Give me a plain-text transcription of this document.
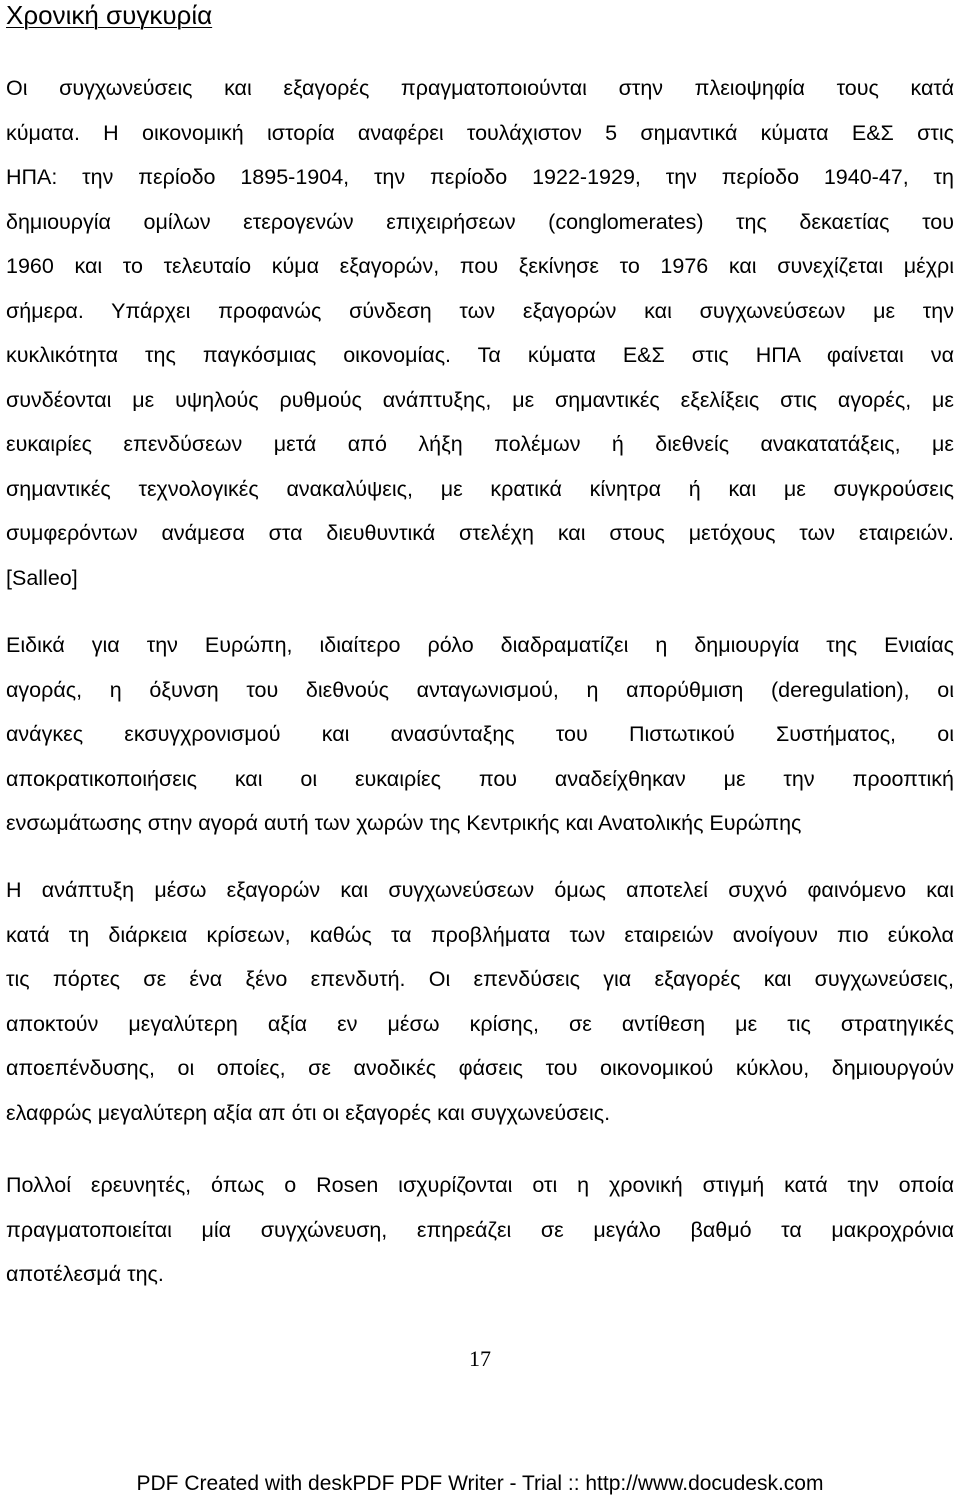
Χρονική συγκυρία
Οι συγχωνεύσεις και εξαγορές πραγματοποιούνται στην πλειοψηφία τους κατά
κύματα. Η οικονομική ιστορία αναφέρει τουλάχιστον 5 σημαντικά κύματα Ε&Σ στις
ΗΠΑ: την περίοδο 1895-1904, την περίοδο 1922-1929, την περίοδο 1940-47, τη
δημιουργία ομίλων ετερογενών επιχειρήσεων (conglomerates) της δεκαετίας του
1960 και το τελευταίο κύμα εξαγορών, που ξεκίνησε το 1976 και συνεχίζεται μέχρι
σήμερα. Υπάρχει προφανώς σύνδεση των εξαγορών και συγχωνεύσεων με την
κυκλικότητα της παγκόσμιας οικονομίας. Τα κύματα Ε&Σ στις ΗΠΑ φαίνεται να
συνδέονται με υψηλούς ρυθμούς ανάπτυξης, με σημαντικές εξελίξεις στις αγορές, με
ευκαιρίες επενδύσεων μετά από λήξη πολέμων ή διεθνείς ανακατατάξεις, με
σημαντικές τεχνολογικές ανακαλύψεις, με κρατικά κίνητρα ή και με συγκρούσεις
συμφερόντων ανάμεσα στα διευθυντικά στελέχη και στους μετόχους των εταιρειών.
[Salleo]
Ειδικά για την Ευρώπη, ιδιαίτερο ρόλο διαδραματίζει η δημιουργία της Ενιαίας
αγοράς, η όξυνση του διεθνούς ανταγωνισμού, η απορύθμιση (deregulation), οι
ανάγκες εκσυγχρονισμού και ανασύνταξης του Πιστωτικού Συστήματος, οι
αποκρατικοποιήσεις και οι ευκαιρίες που αναδείχθηκαν με την προοπτική
ενσωμάτωσης στην αγορά αυτή των χωρών της Κεντρικής και Ανατολικής Ευρώπης
Η ανάπτυξη μέσω εξαγορών και συγχωνεύσεων όμως αποτελεί συχνό φαινόμενο και
κατά τη διάρκεια κρίσεων, καθώς τα προβλήματα των εταιρειών ανοίγουν πιο εύκολα
τις πόρτες σε ένα ξένο επενδυτή. Οι επενδύσεις για εξαγορές και συγχωνεύσεις,
αποκτούν μεγαλύτερη αξία εν μέσω κρίσης, σε αντίθεση με τις στρατηγικές
αποεπένδυσης, οι οποίες, σε ανοδικές φάσεις του οικονομικού κύκλου, δημιουργούν
ελαφρώς μεγαλύτερη αξία απ ότι οι εξαγορές και συγχωνεύσεις.
Πολλοί ερευνητές, όπως ο Rosen ισχυρίζονται οτι η χρονική στιγμή κατά την οποία
πραγματοποιείται μία συγχώνευση, επηρεάζει σε μεγάλο βαθμό τα μακροχρόνια
αποτέλεσμά της.
17
PDF Created with deskPDF PDF Writer - Trial :: http://www.docudesk.com
